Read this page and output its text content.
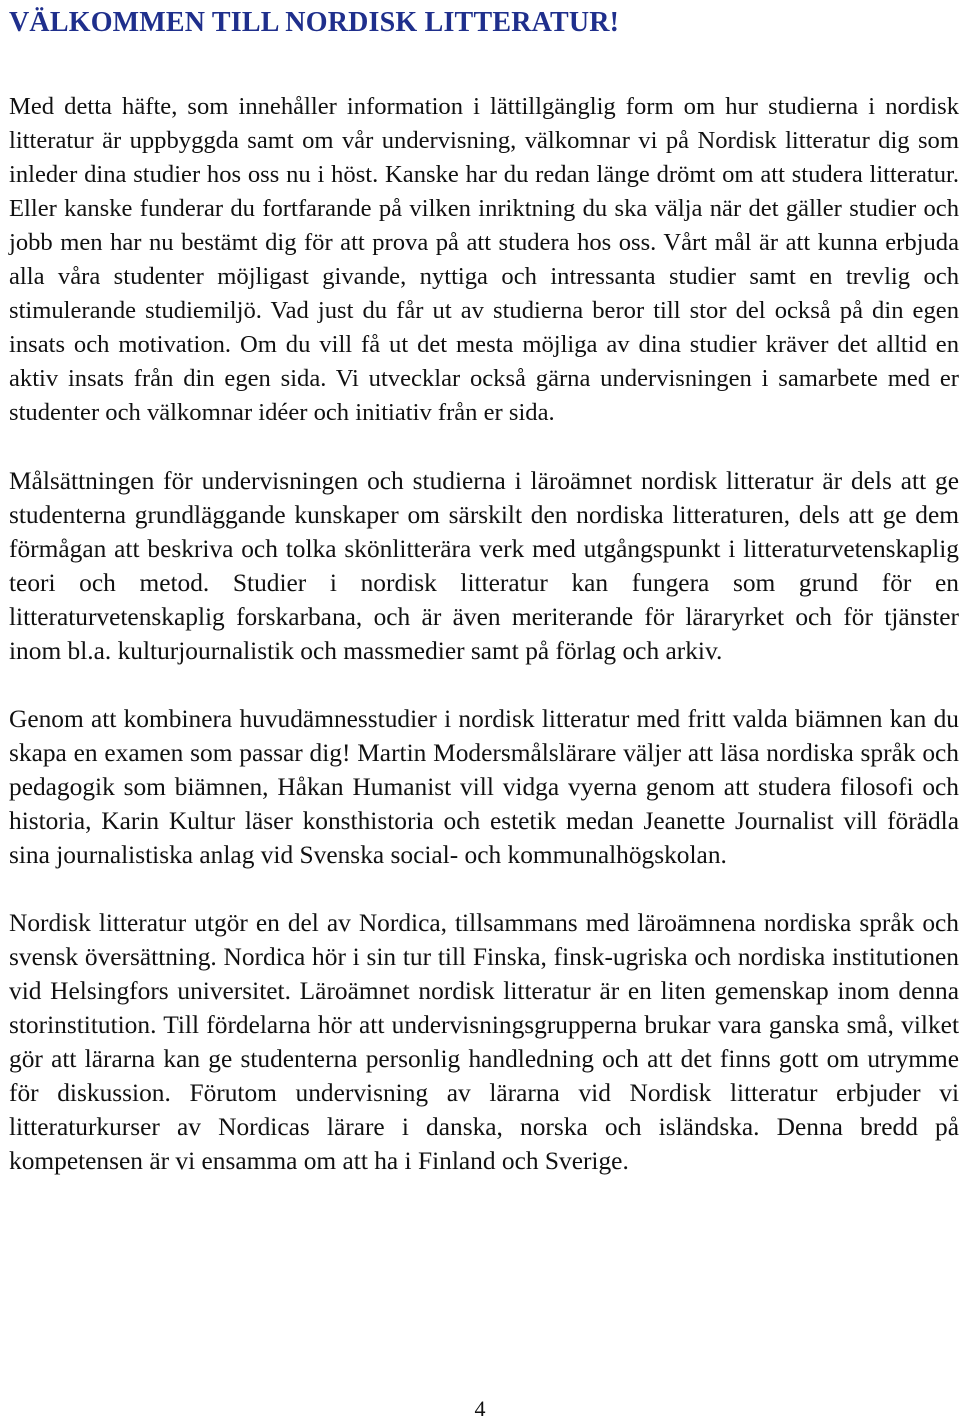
VÄLKOMMEN TILL NORDISK LITTERATUR!

Med detta häfte, som innehåller information i lättillgänglig form om hur studierna i nordisk litteratur är uppbyggda samt om vår undervisning, välkomnar vi på Nordisk litteratur dig som inleder dina studier hos oss nu i höst. Kanske har du redan länge drömt om att studera litteratur. Eller kanske funderar du fortfarande på vilken inriktning du ska välja när det gäller studier och jobb men har nu bestämt dig för att prova på att studera hos oss. Vårt mål är att kunna erbjuda alla våra studenter möjligast givande, nyttiga och intressanta studier samt en trevlig och stimulerande studiemiljö. Vad just du får ut av studierna beror till stor del också på din egen insats och motivation. Om du vill få ut det mesta möjliga av dina studier kräver det alltid en aktiv insats från din egen sida. Vi utvecklar också gärna undervisningen i samarbete med er studenter och välkomnar idéer och initiativ från er sida.

Målsättningen för undervisningen och studierna i läroämnet nordisk litteratur är dels att ge studenterna grundläggande kunskaper om särskilt den nordiska litteraturen, dels att ge dem förmågan att beskriva och tolka skönlitterära verk med utgångspunkt i litteraturvetenskaplig teori och metod. Studier i nordisk litteratur kan fungera som grund för en litteraturvetenskaplig forskarbana, och är även meriterande för läraryrket och för tjänster inom bl.a. kulturjournalistik och massmedier samt på förlag och arkiv.

Genom att kombinera huvudämnesstudier i nordisk litteratur med fritt valda biämnen kan du skapa en examen som passar dig! Martin Modersmålslärare väljer att läsa nordiska språk och pedagogik som biämnen, Håkan Humanist vill vidga vyerna genom att studera filosofi och historia, Karin Kultur läser konsthistoria och estetik medan Jeanette Journalist vill förädla sina journalistiska anlag vid Svenska social- och kommunalhögskolan.

Nordisk litteratur utgör en del av Nordica, tillsammans med läroämnena nordiska språk och svensk översättning. Nordica hör i sin tur till Finska, finsk-ugriska och nordiska institutionen vid Helsingfors universitet. Läroämnet nordisk litteratur är en liten gemenskap inom denna storinstitution. Till fördelarna hör att undervisningsgrupperna brukar vara ganska små, vilket gör att lärarna kan ge studenterna personlig handledning och att det finns gott om utrymme för diskussion. Förutom undervisning av lärarna vid Nordisk litteratur erbjuder vi litteraturkurser av Nordicas lärare i danska, norska och isländska. Denna bredd på kompetensen är vi ensamma om att ha i Finland och Sverige.

4
